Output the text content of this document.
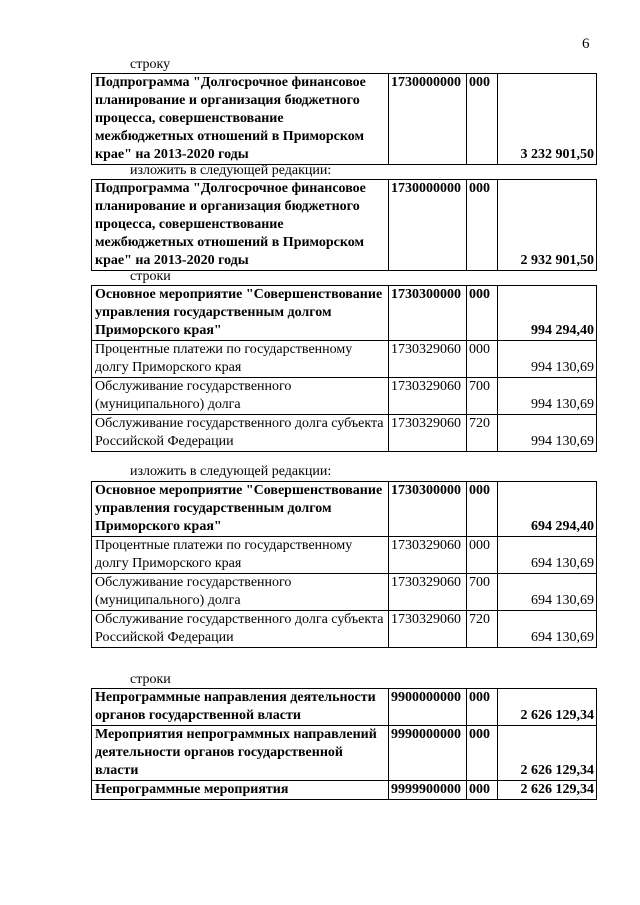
6
строку
Подпрограмма "Долгосрочное финансовое планирование и организация бюджетного процесса, совершенствование межбюджетных отношений в Приморском крае" на 2013-2020 годы	1730000000	000	3 232 901,50
изложить в следующей редакции:
Подпрограмма "Долгосрочное финансовое планирование и организация бюджетного процесса, совершенствование межбюджетных отношений в Приморском крае" на 2013-2020 годы	1730000000	000	2 932 901,50
строки
Основное мероприятие "Совершенствование управления государственным долгом Приморского края"	1730300000	000	994 294,40
Процентные платежи по государственному долгу Приморского края	1730329060	000	994 130,69
Обслуживание государственного (муниципального) долга	1730329060	700	994 130,69
Обслуживание государственного долга субъекта Российской Федерации	1730329060	720	994 130,69
изложить в следующей редакции:
Основное мероприятие "Совершенствование управления государственным долгом Приморского края"	1730300000	000	694 294,40
Процентные платежи по государственному долгу Приморского края	1730329060	000	694 130,69
Обслуживание государственного (муниципального) долга	1730329060	700	694 130,69
Обслуживание государственного долга субъекта Российской Федерации	1730329060	720	694 130,69
строки
Непрограммные направления деятельности органов государственной власти	9900000000	000	2 626 129,34
Мероприятия непрограммных направлений деятельности органов государственной власти	9990000000	000	2 626 129,34
Непрограммные мероприятия	9999900000	000	2 626 129,34
